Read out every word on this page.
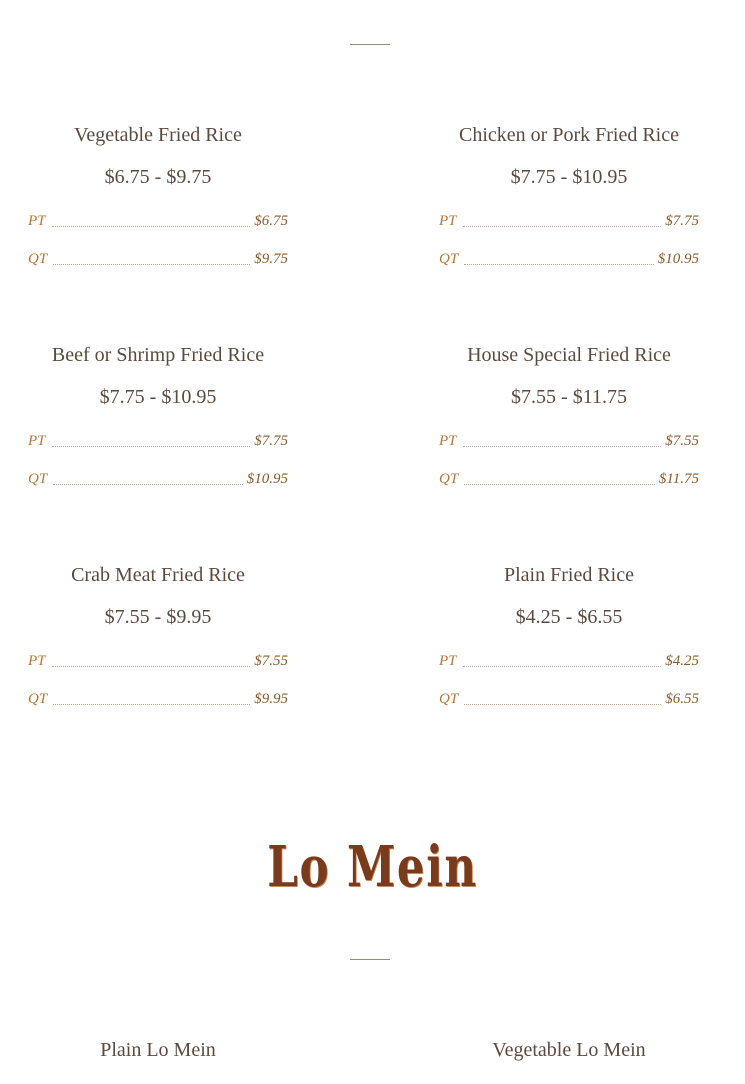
Vegetable Fried Rice
$6.75 - $9.75
PT	$6.75
QT	$9.75
Chicken or Pork Fried Rice
$7.75 - $10.95
PT	$7.75
QT	$10.95
Beef or Shrimp Fried Rice
$7.75 - $10.95
PT	$7.75
QT	$10.95
House Special Fried Rice
$7.55 - $11.75
PT	$7.55
QT	$11.75
Crab Meat Fried Rice
$7.55 - $9.95
PT	$7.55
QT	$9.95
Plain Fried Rice
$4.25 - $6.55
PT	$4.25
QT	$6.55
Lo Mein
Plain Lo Mein	Vegetable Lo Mein
